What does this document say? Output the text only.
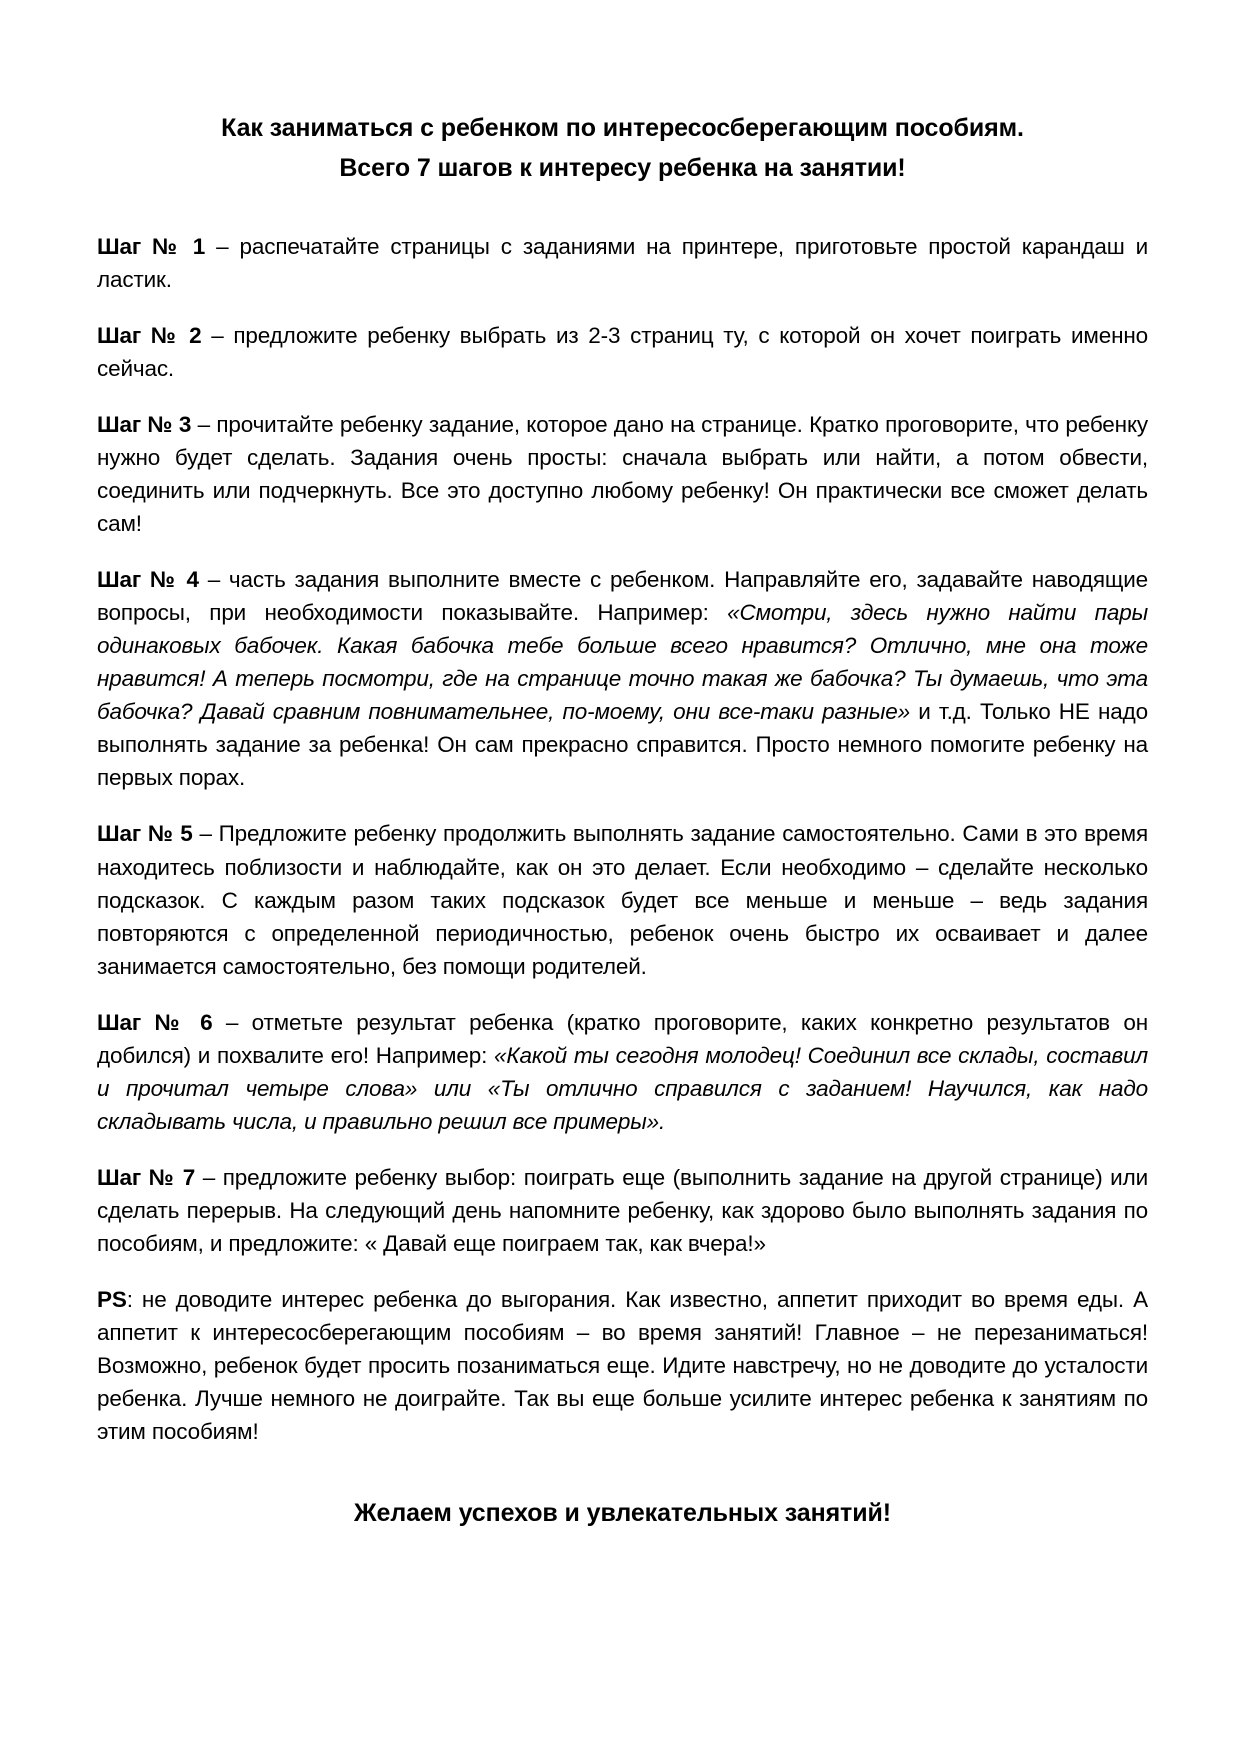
Как заниматься с ребенком по интересосберегающим пособиям.
Всего 7 шагов к интересу ребенка на занятии!

Шаг № 1 – распечатайте страницы с заданиями на принтере, приготовьте простой карандаш и ластик.

Шаг № 2 – предложите ребенку выбрать из 2-3 страниц ту, с которой он хочет поиграть именно сейчас.

Шаг № 3 – прочитайте ребенку задание, которое дано на странице. Кратко проговорите, что ребенку нужно будет сделать. Задания очень просты: сначала выбрать или найти, а потом обвести, соединить или подчеркнуть. Все это доступно любому ребенку! Он практически все сможет делать сам!

Шаг № 4 – часть задания выполните вместе с ребенком. Направляйте его, задавайте наводящие вопросы, при необходимости показывайте. Например: «Смотри, здесь нужно найти пары одинаковых бабочек. Какая бабочка тебе больше всего нравится? Отлично, мне она тоже нравится! А теперь посмотри, где на странице точно такая же бабочка? Ты думаешь, что эта бабочка? Давай сравним повнимательнее, по-моему, они все-таки разные» и т.д. Только НЕ надо выполнять задание за ребенка! Он сам прекрасно справится. Просто немного помогите ребенку на первых порах.

Шаг № 5 – Предложите ребенку продолжить выполнять задание самостоятельно. Сами в это время находитесь поблизости и наблюдайте, как он это делает. Если необходимо – сделайте несколько подсказок. С каждым разом таких подсказок будет все меньше и меньше – ведь задания повторяются с определенной периодичностью, ребенок очень быстро их осваивает и далее занимается самостоятельно, без помощи родителей.

Шаг № 6 – отметьте результат ребенка (кратко проговорите, каких конкретно результатов он добился) и похвалите его! Например: «Какой ты сегодня молодец! Соединил все склады, составил и прочитал четыре слова» или «Ты отлично справился с заданием! Научился, как надо складывать числа, и правильно решил все примеры».

Шаг № 7 – предложите ребенку выбор: поиграть еще (выполнить задание на другой странице) или сделать перерыв. На следующий день напомните ребенку, как здорово было выполнять задания по пособиям, и предложите: « Давай еще поиграем так, как вчера!»

PS: не доводите интерес ребенка до выгорания. Как известно, аппетит приходит во время еды. А аппетит к интересосберегающим пособиям – во время занятий! Главное – не перезаниматься! Возможно, ребенок будет просить позаниматься еще. Идите навстречу, но не доводите до усталости ребенка. Лучше немного не доиграйте. Так вы еще больше усилите интерес ребенка к занятиям по этим пособиям!

Желаем успехов и увлекательных занятий!
